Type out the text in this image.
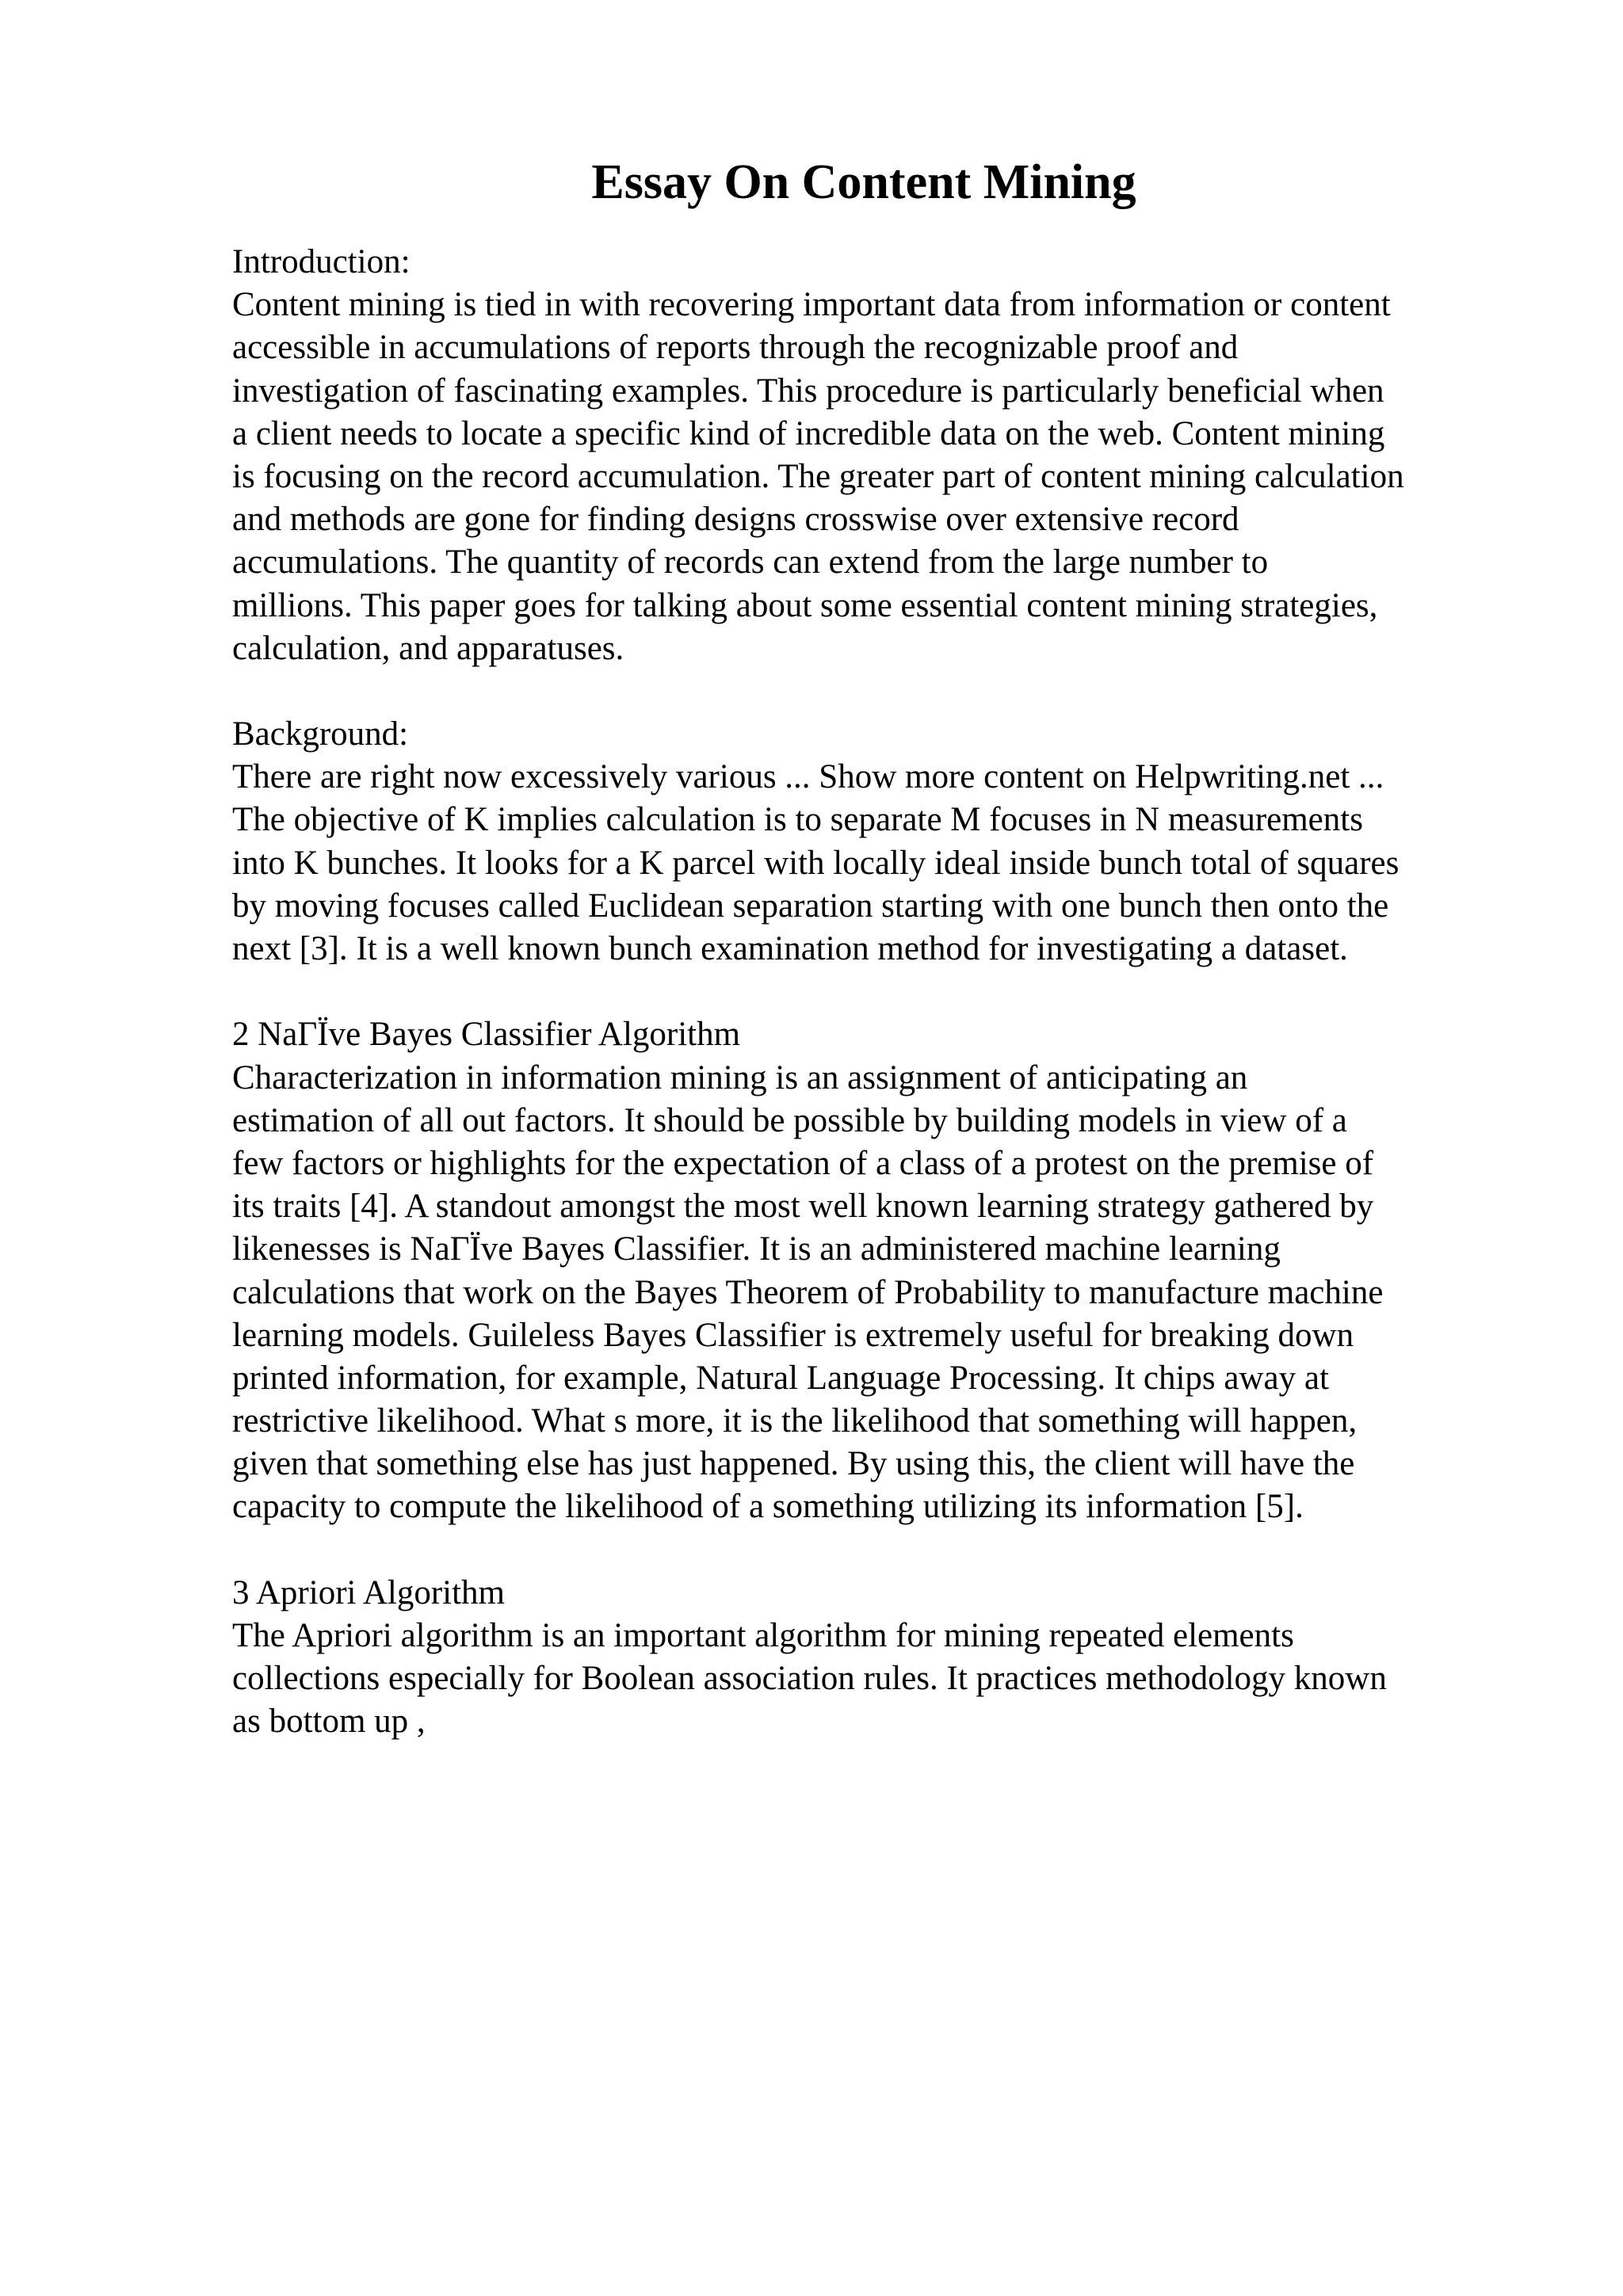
Essay On Content Mining
Introduction:
Content mining is tied in with recovering important data from information or content
accessible in accumulations of reports through the recognizable proof and
investigation of fascinating examples. This procedure is particularly beneficial when
a client needs to locate a specific kind of incredible data on the web. Content mining
is focusing on the record accumulation. The greater part of content mining calculation
and methods are gone for finding designs crosswise over extensive record
accumulations. The quantity of records can extend from the large number to
millions. This paper goes for talking about some essential content mining strategies,
calculation, and apparatuses.
Background:
There are right now excessively various ... Show more content on Helpwriting.net ...
The objective of K implies calculation is to separate M focuses in N measurements
into K bunches. It looks for a K parcel with locally ideal inside bunch total of squares
by moving focuses called Euclidean separation starting with one bunch then onto the
next [3]. It is a well known bunch examination method for investigating a dataset.
2 NaΓÏve Bayes Classifier Algorithm
Characterization in information mining is an assignment of anticipating an
estimation of all out factors. It should be possible by building models in view of a
few factors or highlights for the expectation of a class of a protest on the premise of
its traits [4]. A standout amongst the most well known learning strategy gathered by
likenesses is NaΓÏve Bayes Classifier. It is an administered machine learning
calculations that work on the Bayes Theorem of Probability to manufacture machine
learning models. Guileless Bayes Classifier is extremely useful for breaking down
printed information, for example, Natural Language Processing. It chips away at
restrictive likelihood. What s more, it is the likelihood that something will happen,
given that something else has just happened. By using this, the client will have the
capacity to compute the likelihood of a something utilizing its information [5].
3 Apriori Algorithm
The Apriori algorithm is an important algorithm for mining repeated elements
collections especially for Boolean association rules. It practices methodology known
as bottom up ,
